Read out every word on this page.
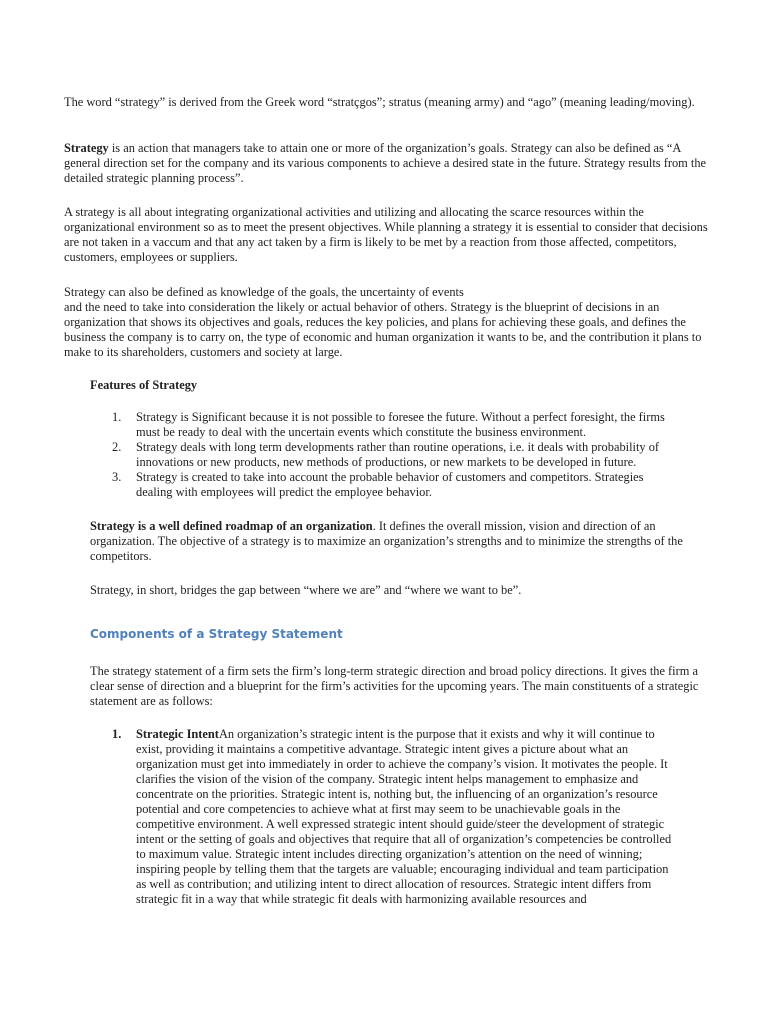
The word “strategy” is derived from the Greek word “stratçgos”; stratus (meaning army) and “ago” (meaning leading/moving).

Strategy is an action that managers take to attain one or more of the organization’s goals. Strategy can also be defined as “A general direction set for the company and its various components to achieve a desired state in the future. Strategy results from the detailed strategic planning process”.

A strategy is all about integrating organizational activities and utilizing and allocating the scarce resources within the organizational environment so as to meet the present objectives. While planning a strategy it is essential to consider that decisions are not taken in a vaccum and that any act taken by a firm is likely to be met by a reaction from those affected, competitors, customers, employees or suppliers.

Strategy can also be defined as knowledge of the goals, the uncertainty of events
and the need to take into consideration the likely or actual behavior of others. Strategy is the blueprint of decisions in an organization that shows its objectives and goals, reduces the key policies, and plans for achieving these goals, and defines the business the company is to carry on, the type of economic and human organization it wants to be, and the contribution it plans to make to its shareholders, customers and society at large.

Features of Strategy

1. Strategy is Significant because it is not possible to foresee the future. Without a perfect foresight, the firms must be ready to deal with the uncertain events which constitute the business environment.
2. Strategy deals with long term developments rather than routine operations, i.e. it deals with probability of innovations or new products, new methods of productions, or new markets to be developed in future.
3. Strategy is created to take into account the probable behavior of customers and competitors. Strategies dealing with employees will predict the employee behavior.

Strategy is a well defined roadmap of an organization. It defines the overall mission, vision and direction of an organization. The objective of a strategy is to maximize an organization’s strengths and to minimize the strengths of the competitors.

Strategy, in short, bridges the gap between “where we are” and “where we want to be”.

Components of a Strategy Statement

The strategy statement of a firm sets the firm’s long-term strategic direction and broad policy directions. It gives the firm a clear sense of direction and a blueprint for the firm’s activities for the upcoming years. The main constituents of a strategic statement are as follows:

1. Strategic IntentAn organization’s strategic intent is the purpose that it exists and why it will continue to exist, providing it maintains a competitive advantage. Strategic intent gives a picture about what an organization must get into immediately in order to achieve the company’s vision. It motivates the people. It clarifies the vision of the vision of the company. Strategic intent helps management to emphasize and concentrate on the priorities. Strategic intent is, nothing but, the influencing of an organization’s resource potential and core competencies to achieve what at first may seem to be unachievable goals in the competitive environment. A well expressed strategic intent should guide/steer the development of strategic intent or the setting of goals and objectives that require that all of organization’s competencies be controlled to maximum value. Strategic intent includes directing organization’s attention on the need of winning; inspiring people by telling them that the targets are valuable; encouraging individual and team participation as well as contribution; and utilizing intent to direct allocation of resources. Strategic intent differs from strategic fit in a way that while strategic fit deals with harmonizing available resources and
